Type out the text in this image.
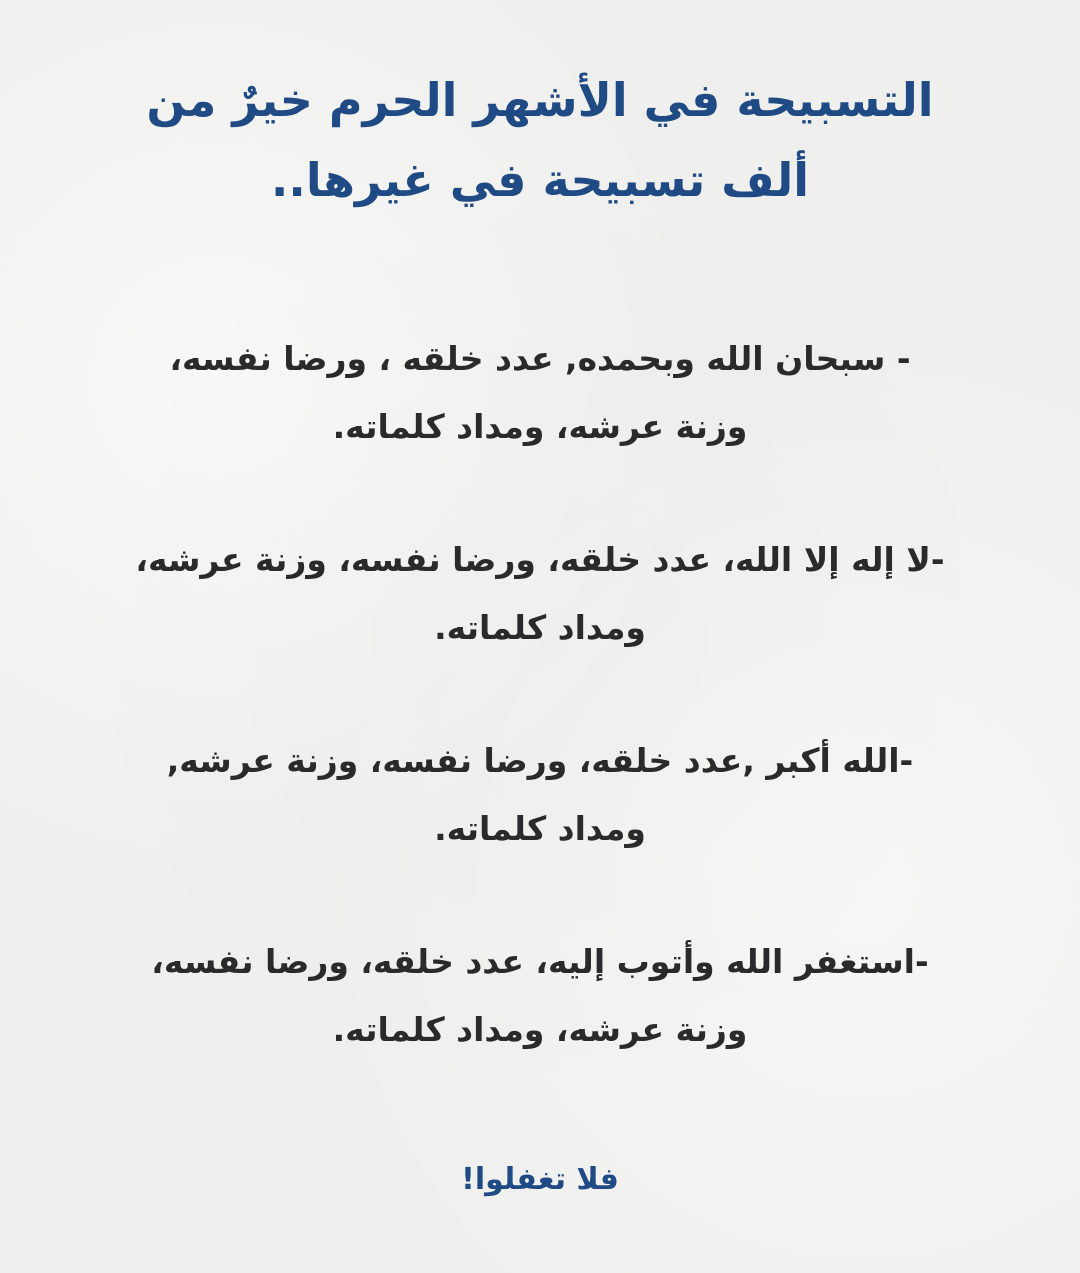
التسبيحة في الأشهر الحرم خيرٌ من
ألف تسبيحة في غيرها..
- سبحان الله وبحمده, عدد خلقه ، ورضا نفسه،
وزنة عرشه، ومداد كلماته.
-لا إله إلا الله، عدد خلقه، ورضا نفسه، وزنة عرشه،
ومداد كلماته.
-الله أكبر ,عدد خلقه، ورضا نفسه، وزنة عرشه,
ومداد كلماته.
-استغفر الله وأتوب إليه، عدد خلقه، ورضا نفسه،
وزنة عرشه، ومداد كلماته.

فلا تغفلوا!
